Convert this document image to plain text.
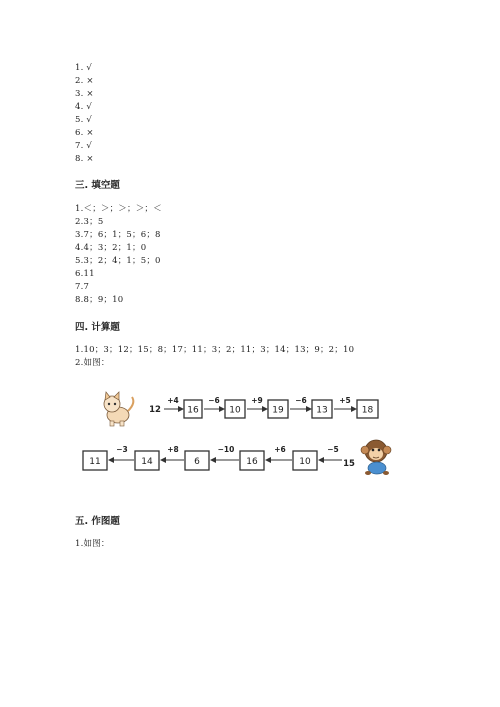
1. √
2. ×
3. ×
4. √
5. √
6. ×
7. √
8. ×
三. 填空题
1.＜；＞；＞；＞；＜
2.3；5
3.7；6；1；5；6；8
4.4；3；2；1；0
5.3；2；4；1；5；0
6.11
7.7
8.8；9；10
四. 计算题
1.10；3；12；15；8；17；11；3；2；11；3；14；13；9；2；10
2.如图：
12
+4
16
−6
10
+9
19
−6
13
+5
18
11
−3
14
+8
6
−10
16
+6
10
−5
15
五. 作图题
1.如图：
